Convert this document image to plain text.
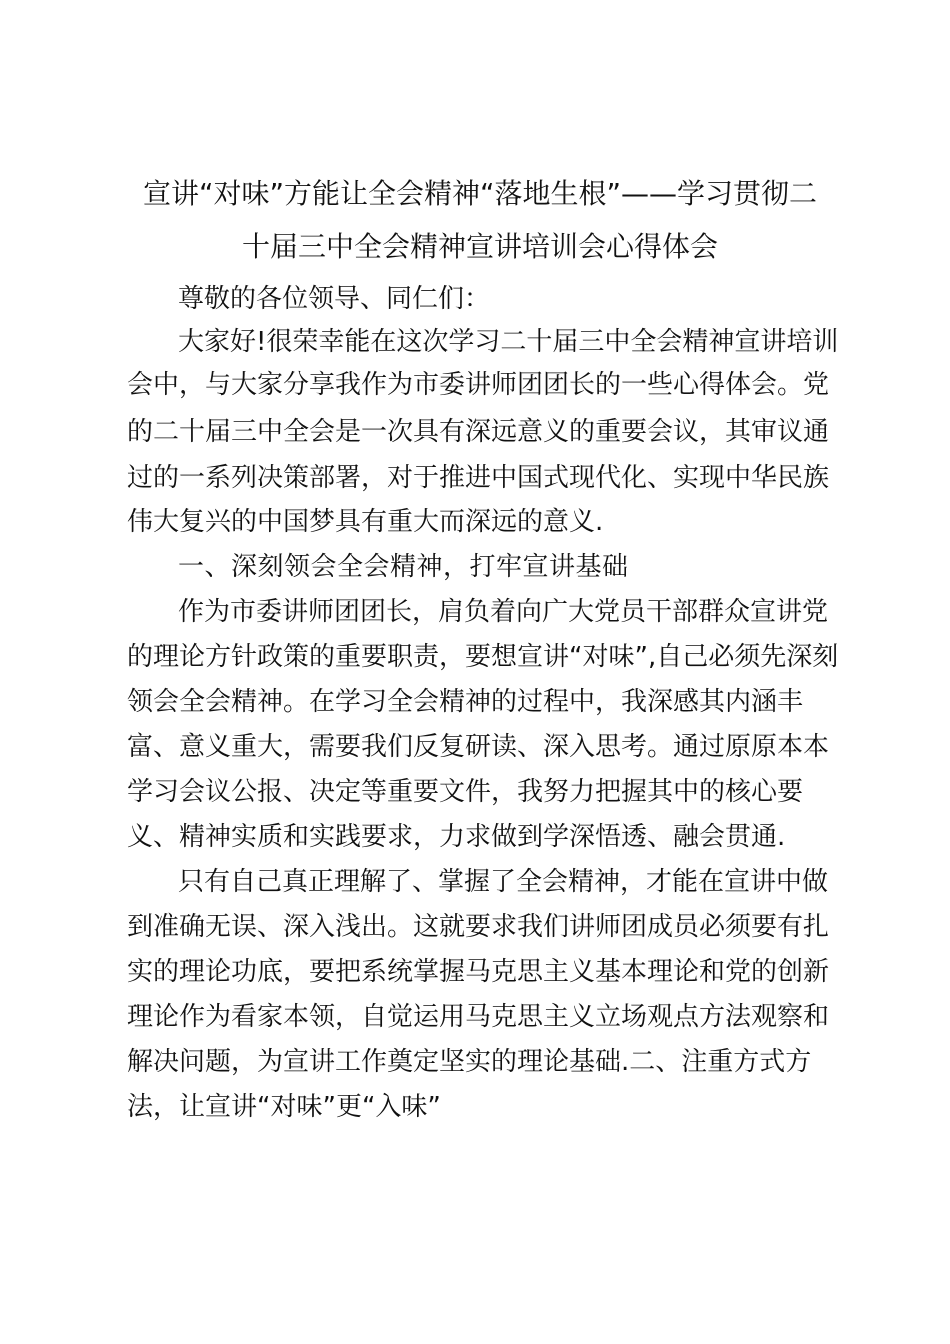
宣讲“对味”方能让全会精神“落地生根”——学习贯彻二
十届三中全会精神宣讲培训会心得体会
尊敬的各位领导、同仁们：
大家好!很荣幸能在这次学习二十届三中全会精神宣讲培训
会中，与大家分享我作为市委讲师团团长的一些心得体会。党
的二十届三中全会是一次具有深远意义的重要会议，其审议通
过的一系列决策部署，对于推进中国式现代化、实现中华民族
伟大复兴的中国梦具有重大而深远的意义.
一、深刻领会全会精神，打牢宣讲基础
作为市委讲师团团长，肩负着向广大党员干部群众宣讲党
的理论方针政策的重要职责，要想宣讲“对味”,自己必须先深刻
领会全会精神。在学习全会精神的过程中，我深感其内涵丰
富、意义重大，需要我们反复研读、深入思考。通过原原本本
学习会议公报、决定等重要文件，我努力把握其中的核心要
义、精神实质和实践要求，力求做到学深悟透、融会贯通.
只有自己真正理解了、掌握了全会精神，才能在宣讲中做
到准确无误、深入浅出。这就要求我们讲师团成员必须要有扎
实的理论功底，要把系统掌握马克思主义基本理论和党的创新
理论作为看家本领，自觉运用马克思主义立场观点方法观察和
解决问题，为宣讲工作奠定坚实的理论基础.二、注重方式方
法，让宣讲“对味”更“入味”
